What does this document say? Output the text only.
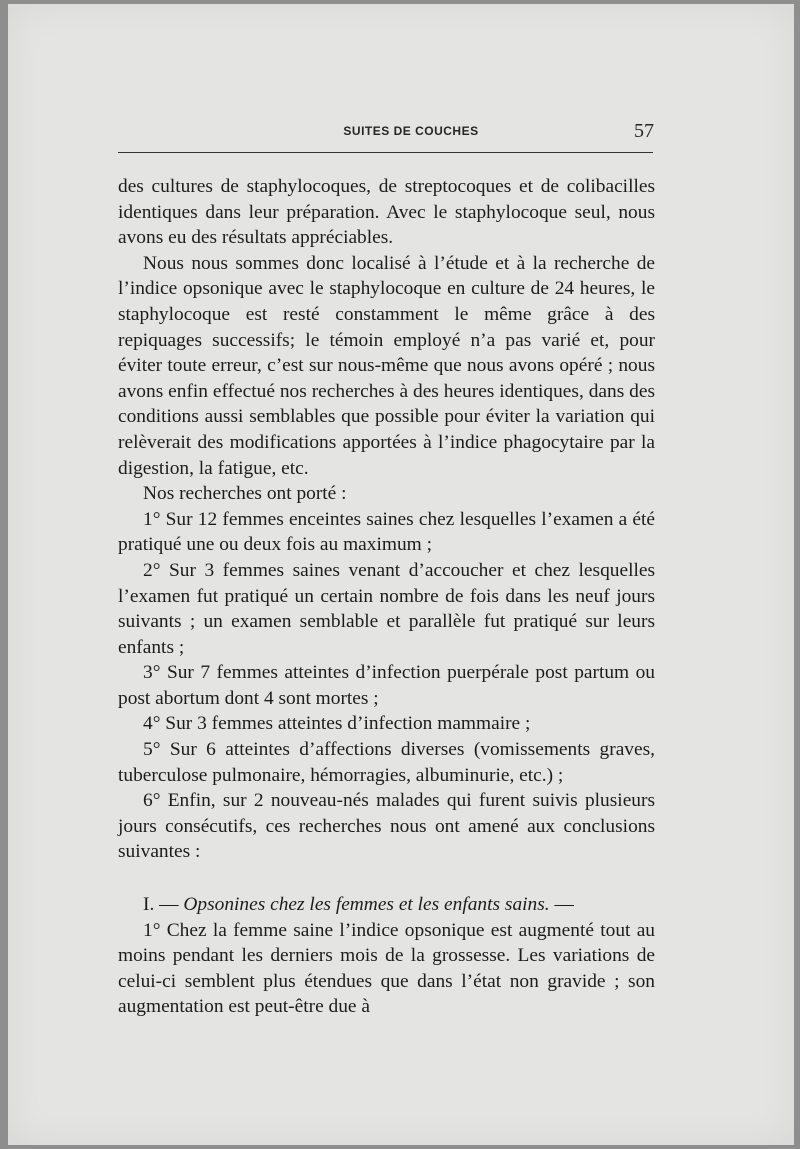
SUITES DE COUCHES	57

des cultures de staphylocoques, de streptocoques et de colibacilles identiques dans leur préparation. Avec le staphylocoque seul, nous avons eu des résultats appréciables.

Nous nous sommes donc localisé à l’étude et à la recherche de l’indice opsonique avec le staphylocoque en culture de 24 heures, le staphylocoque est resté constamment le même grâce à des repiquages successifs; le témoin employé n’a pas varié et, pour éviter toute erreur, c’est sur nous-même que nous avons opéré ; nous avons enfin effectué nos recherches à des heures identiques, dans des conditions aussi semblables que possible pour éviter la variation qui relèverait des modifications apportées à l’indice phagocytaire par la digestion, la fatigue, etc.

Nos recherches ont porté :

1° Sur 12 femmes enceintes saines chez lesquelles l’examen a été pratiqué une ou deux fois au maximum ;

2° Sur 3 femmes saines venant d’accoucher et chez lesquelles l’examen fut pratiqué un certain nombre de fois dans les neuf jours suivants ; un examen semblable et parallèle fut pratiqué sur leurs enfants ;

3° Sur 7 femmes atteintes d’infection puerpérale post partum ou post abortum dont 4 sont mortes ;

4° Sur 3 femmes atteintes d’infection mammaire ;

5° Sur 6 atteintes d’affections diverses (vomissements graves, tuberculose pulmonaire, hémorragies, albuminurie, etc.) ;

6° Enfin, sur 2 nouveau-nés malades qui furent suivis plusieurs jours consécutifs, ces recherches nous ont amené aux conclusions suivantes :

I. — Opsonines chez les femmes et les enfants sains. —

1° Chez la femme saine l’indice opsonique est augmenté tout au moins pendant les derniers mois de la grossesse. Les variations de celui-ci semblent plus étendues que dans l’état non gravide ; son augmentation est peut-être due à
